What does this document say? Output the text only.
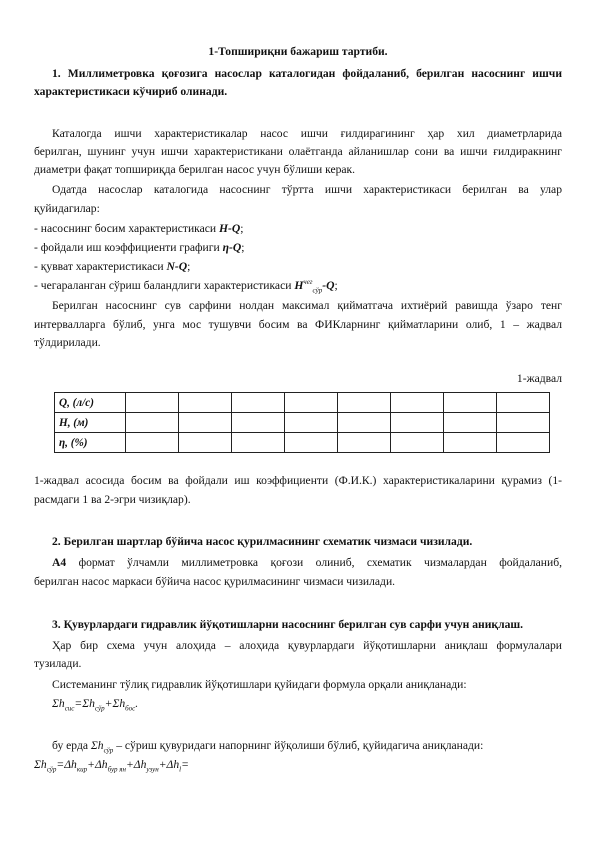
1-Топшириқни бажариш тартиби.
1. Миллиметровка қоғозига насослар каталогидан фойдаланиб, берилган насоснинг ишчи
характеристикаси кўчириб олинади.
Каталогда ишчи характеристикалар насос ишчи ғилдирагининг ҳар хил диаметрларида
берилган, шунинг учун ишчи характеристикани олаётганда айланишлар сони ва ишчи ғилдиракнинг
диаметри фақат топшириқда берилган насос учун бўлиши керак.
Одатда насослар каталогида насоснинг тўртта ишчи характеристикаси берилган ва улар
қуйидагилар:
- насоснинг босим характеристикаси H-Q;
- фойдали иш коэффициенти графиги η-Q;
- қувват характеристикаси N-Q;
- чегараланган сўриш баландлиги характеристикаси $H^{чег}_{сўр}-Q$;
Берилган насоснинг сув сарфини нолдан максимал қийматгача ихтиёрий равишда ўзаро тенг
интервалларга бўлиб, унга мос тушувчи босим ва ФИКларнинг қийматларини олиб, 1 – жадвал
тўлдирилади.
1-жадвал
Q, (л/с)								
H, (м)								
η, (%)								
1-жадвал асосида босим ва фойдали иш коэффициенти (Ф.И.К.) характеристикаларини қурамиз (1-
расмдаги 1 ва 2-эгри чизиқлар).
2. Берилган шартлар бўйича насос қурилмасининг схематик чизмаси чизилади.
А4 формат ўлчамли миллиметровка қоғози олиниб, схематик чизмалардан фойдаланиб,
берилган насос маркаси бўйича насос қурилмасининг чизмаси чизилади.
3. Қувурлардаги гидравлик йўқотишларни насоснинг берилган сув сарфи учун аниқлаш.
Ҳар бир схема учун алоҳида – алоҳида қувурлардаги йўқотишларни аниқлаш формулалари
тузилади.
Системанинг тўлиқ гидравлик йўқотишлари қуйидаги формула орқали аниқланади:
$\Sigma h_{сис}=\Sigma h_{сўр}+\Sigma h_{бос}$.
бу ерда $\Sigma h_{сўр}$ – сўриш қувуридаги напорнинг йўқолиши бўлиб, қуйидагича аниқланади:
$\Sigma h_{сўр}=\Delta h_{кир}+\Delta h_{бур ян}+\Delta h_{узун}+\Delta h_l=$
